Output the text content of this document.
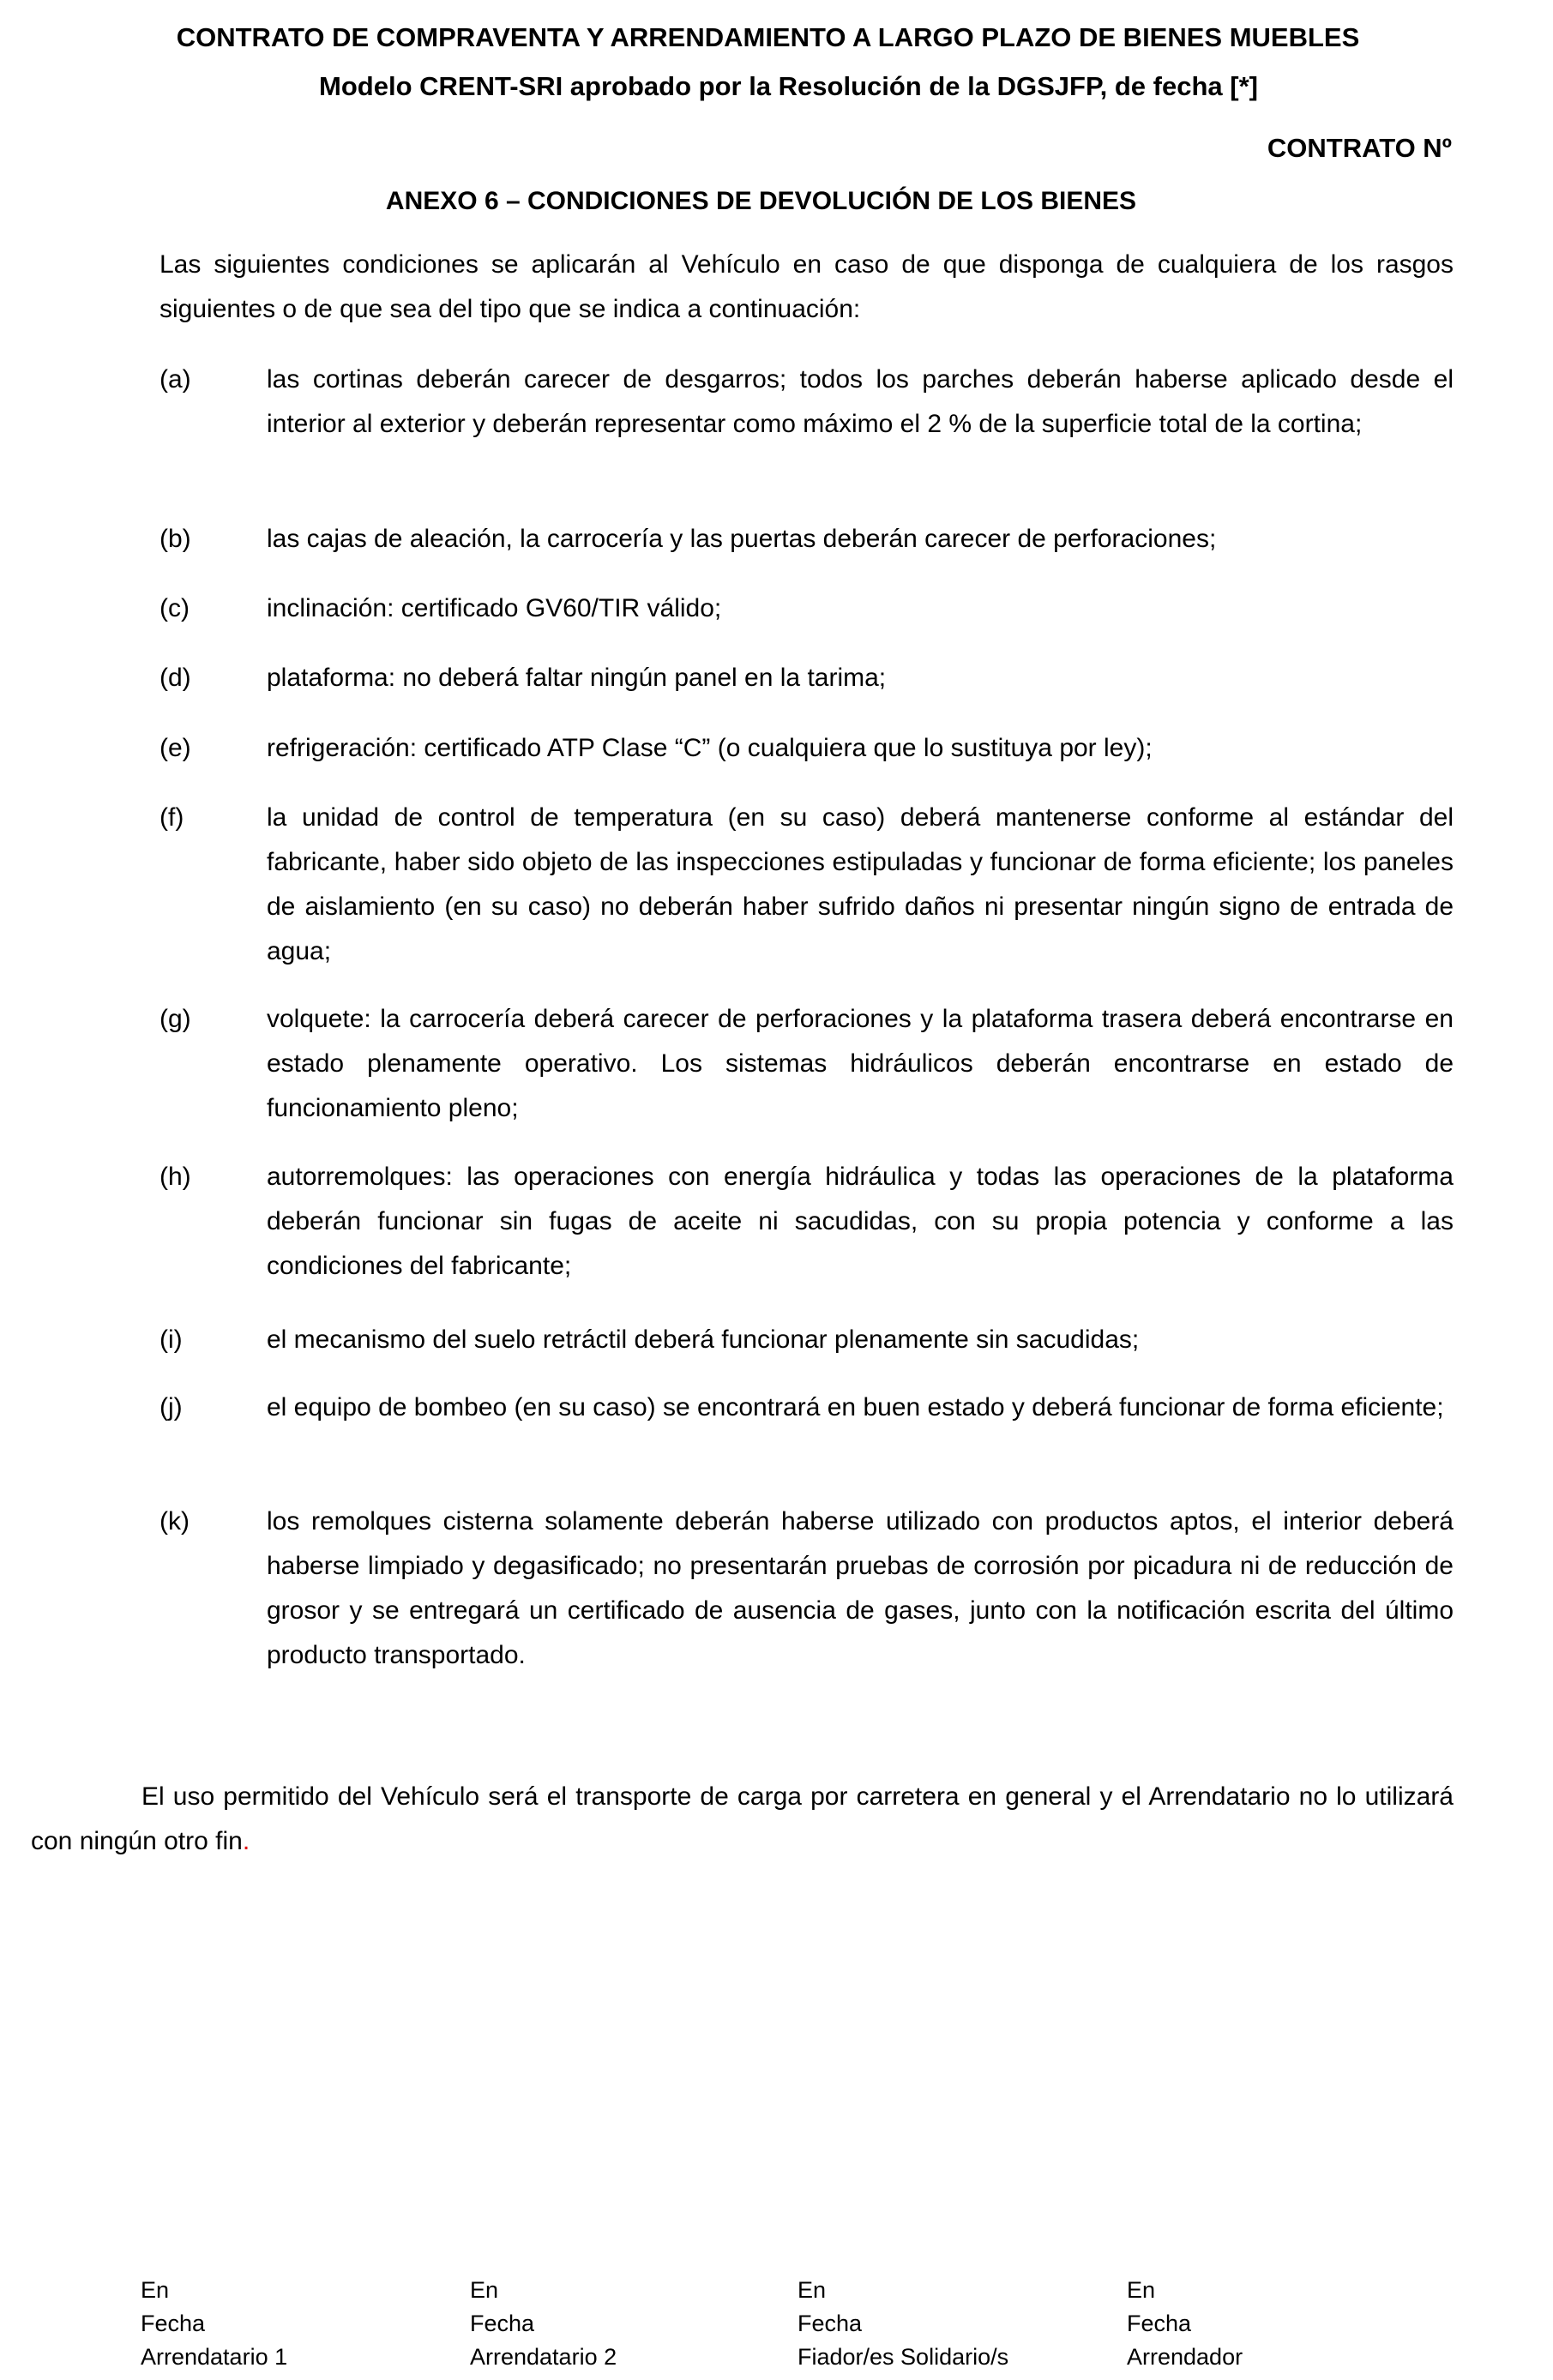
CONTRATO DE COMPRAVENTA Y ARRENDAMIENTO A LARGO PLAZO DE BIENES MUEBLES
Modelo CRENT-SRI aprobado por la Resolución de la DGSJFP, de fecha [*]
CONTRATO Nº
ANEXO 6 – CONDICIONES DE DEVOLUCIÓN DE LOS BIENES
Las siguientes condiciones se aplicarán al Vehículo en caso de que disponga de cualquiera de los rasgos siguientes o de que sea del tipo que se indica a continuación:
(a)	las cortinas deberán carecer de desgarros; todos los parches deberán haberse aplicado desde el interior al exterior y deberán representar como máximo el 2 % de la superficie total de la cortina;
(b)	las cajas de aleación, la carrocería y las puertas deberán carecer de perforaciones;
(c)	inclinación: certificado GV60/TIR válido;
(d)	plataforma: no deberá faltar ningún panel en la tarima;
(e)	refrigeración: certificado ATP Clase “C” (o cualquiera que lo sustituya por ley);
(f)	la unidad de control de temperatura (en su caso) deberá mantenerse conforme al estándar del fabricante, haber sido objeto de las inspecciones estipuladas y funcionar de forma eficiente; los paneles de aislamiento (en su caso) no deberán haber sufrido daños ni presentar ningún signo de entrada de agua;
(g)	volquete: la carrocería deberá carecer de perforaciones y la plataforma trasera deberá encontrarse en estado plenamente operativo. Los sistemas hidráulicos deberán encontrarse en estado de funcionamiento pleno;
(h)	autorremolques: las operaciones con energía hidráulica y todas las operaciones de la plataforma deberán funcionar sin fugas de aceite ni sacudidas, con su propia potencia y conforme a las condiciones del fabricante;
(i)	el mecanismo del suelo retráctil deberá funcionar plenamente sin sacudidas;
(j)	el equipo de bombeo (en su caso) se encontrará en buen estado y deberá funcionar de forma eficiente;
(k)	los remolques cisterna solamente deberán haberse utilizado con productos aptos, el interior deberá haberse limpiado y degasificado; no presentarán pruebas de corrosión por picadura ni de reducción de grosor y se entregará un certificado de ausencia de gases, junto con la notificación escrita del último producto transportado.
El uso permitido del Vehículo será el transporte de carga por carretera en general y el Arrendatario no lo utilizará con ningún otro fin.
En
Fecha
Arrendatario 1
En
Fecha
Arrendatario 2
En
Fecha
Fiador/es Solidario/s
En
Fecha
Arrendador
